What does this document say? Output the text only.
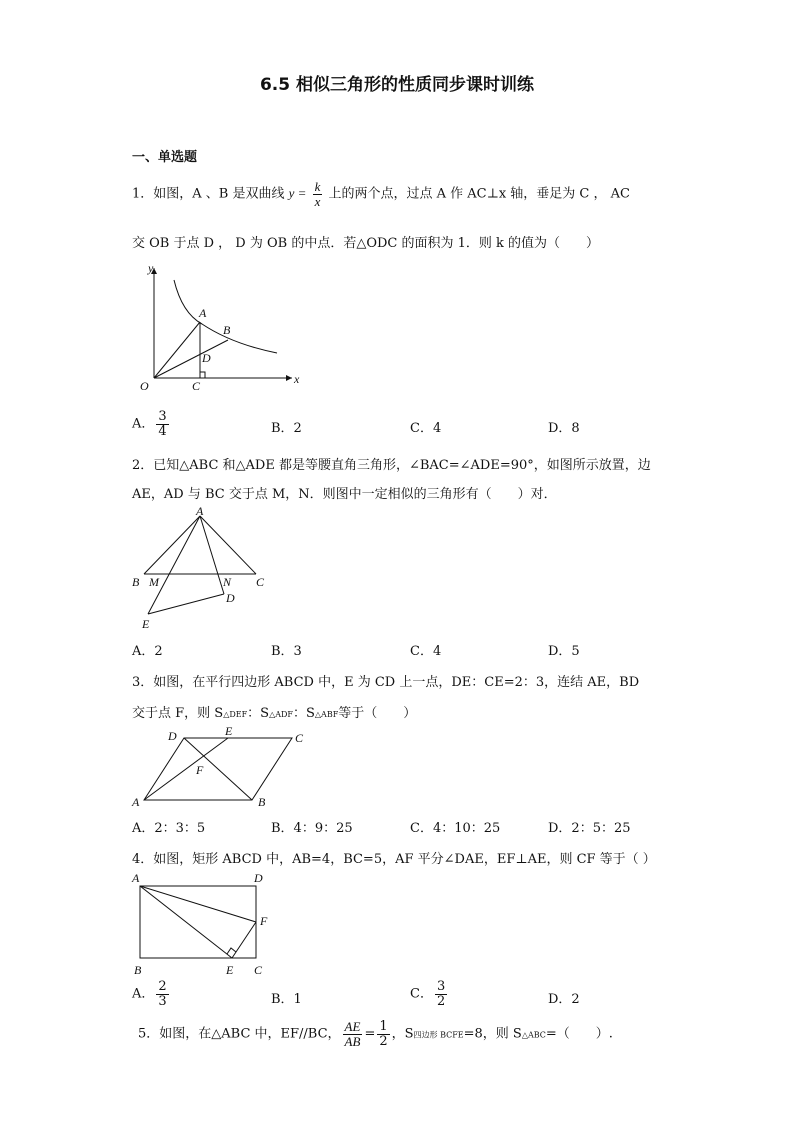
6.5 相似三角形的性质同步课时训练
一、单选题
1．如图，A 、B 是双曲线 $y = \frac{k}{x}$ 上的两个点，过点 A 作 AC⊥x 轴，垂足为 C ， AC
交 OB 于点 D ， D 为 OB 的中点．若△ODC 的面积为 1．则 k 的值为（　　）
y
x
O
A
B
D
C
A． $\frac{3}{4}$	B．2	C．4	D．8
2．已知△ABC 和△ADE 都是等腰直角三角形，∠BAC=∠ADE=90°，如图所示放置，边
AE，AD 与 BC 交于点 M，N．则图中一定相似的三角形有（　　）对．
A
B M	N C
D
E
A．2	B．3	C．4	D．5
3．如图，在平行四边形 ABCD 中，E 为 CD 上一点，DE：CE=2：3，连结 AE，BD
交于点 F，则 S△DEF：S△ADF：S△ABF等于（　　）
D	E	C
F
A	B
A．2：3：5	B．4：9：25	C．4：10：25	D．2：5：25
4．如图，矩形 ABCD 中，AB=4，BC=5，AF 平分∠DAE，EF⊥AE，则 CF 等于（ ）
A	D
F
B	E C
A． $\frac{2}{3}$	B．1	C． $\frac{3}{2}$	D．2
5．如图，在△ABC 中，EF//BC， $\frac{AE}{AB} = \frac{1}{2}$ ，S四边形 BCFE=8，则 S△ABC=（　　）.
